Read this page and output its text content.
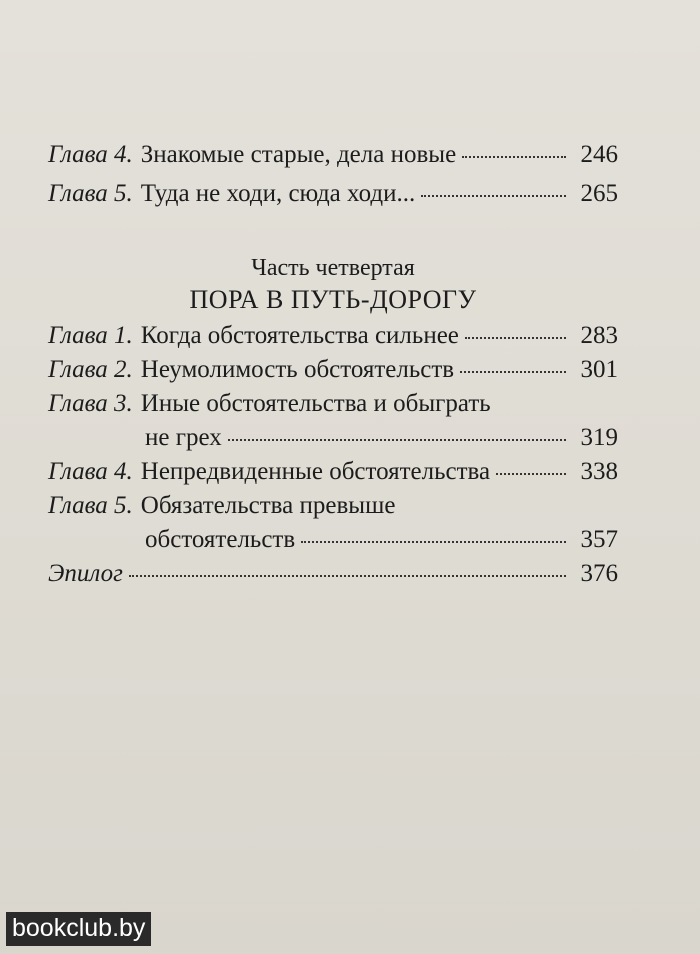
Глава 4. Знакомые старые, дела новые	246
Глава 5. Туда не ходи, сюда ходи...	265
Часть четвертая
ПОРА В ПУТЬ-ДОРОГУ
Глава 1. Когда обстоятельства сильнее	283
Глава 2. Неумолимость обстоятельств	301
Глава 3. Иные обстоятельства и обыграть
не грех	319
Глава 4. Непредвиденные обстоятельства	338
Глава 5. Обязательства превыше
обстоятельств	357
Эпилог	376
bookclub.by
